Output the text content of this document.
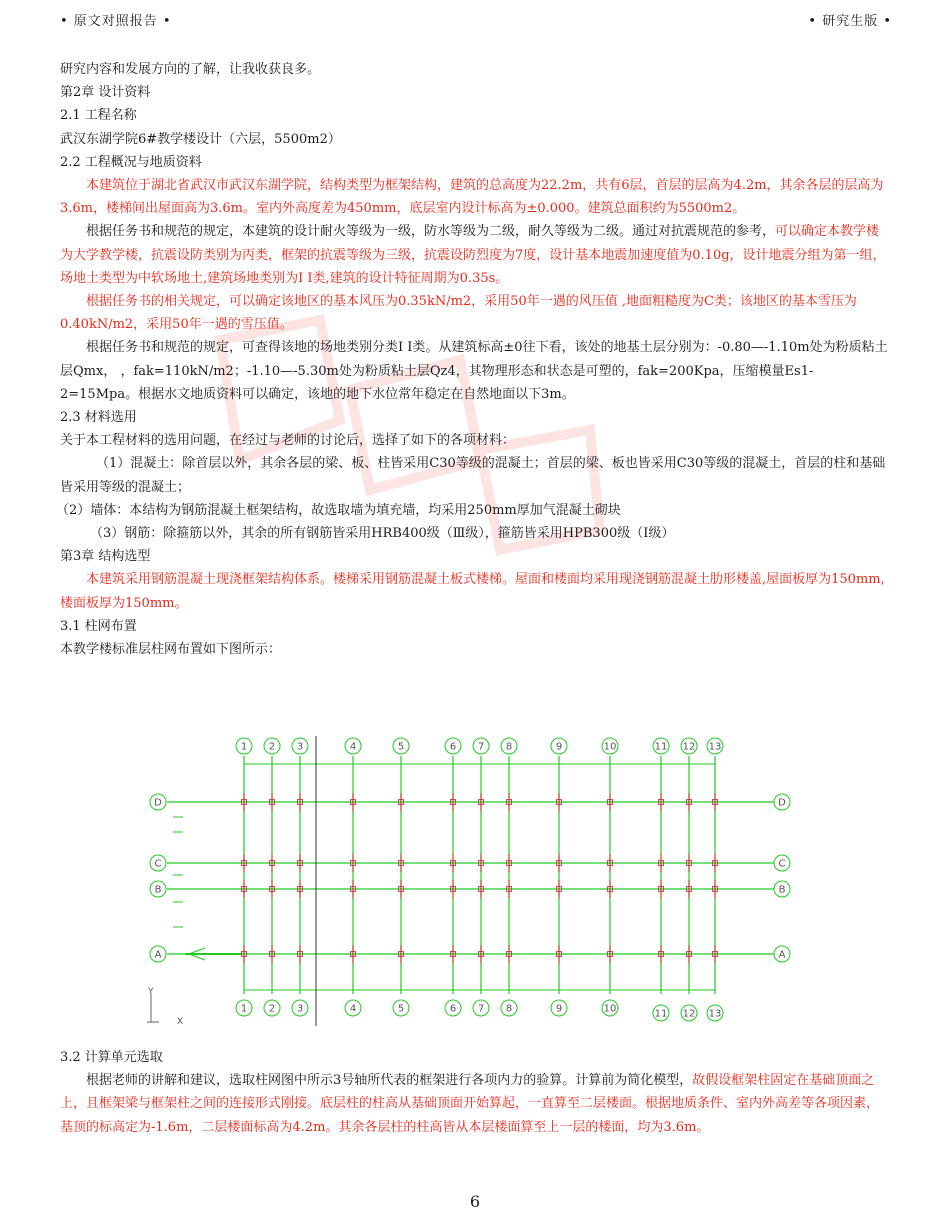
• 原文对照报告 •	• 研究生版 •
研究内容和发展方向的了解，让我收获良多。
第2章 设计资料
2.1 工程名称
武汉东湖学院6#教学楼设计（六层，5500m2）
2.2 工程概况与地质资料

本建筑位于湖北省武汉市武汉东湖学院，结构类型为框架结构，建筑的总高度为22.2m，共有6层，首层的层高为4.2m，其余各层的层高为3.6m，楼梯间出屋面高为3.6m。室内外高度差为450mm，底层室内设计标高为±0.000。建筑总面积约为5500m2。

根据任务书和规范的规定，本建筑的设计耐火等级为一级，防水等级为二级，耐久等级为二级。通过对抗震规范的参考，可以确定本教学楼为大学教学楼，抗震设防类别为丙类，框架的抗震等级为三级，抗震设防烈度为7度，设计基本地震加速度值为0.10g，设计地震分组为第一组，场地土类型为中软场地土,建筑场地类别为I I类,建筑的设计特征周期为0.35s。

根据任务书的相关规定，可以确定该地区的基本风压为0.35kN/m2，采用50年一遇的风压值 ,地面粗糙度为C类；该地区的基本雪压为0.40kN/m2，采用50年一遇的雪压值。

根据任务书和规范的规定，可查得该地的场地类别分类I I类。从建筑标高±0往下看，该处的地基土层分别为：-0.80—-1.10m处为粉质粘土层Qmx， ，fak=110kN/m2；-1.10—-5.30m处为粉质粘土层Qz4，其物理形态和状态是可塑的，fak=200Kpa，压缩模量Es1-2=15Mpa。根据水文地质资料可以确定，该地的地下水位常年稳定在自然地面以下3m。

2.3 材料选用
关于本工程材料的选用问题，在经过与老师的讨论后，选择了如下的各项材料：

（1）混凝土：除首层以外，其余各层的梁、板、柱皆采用C30等级的混凝土；首层的梁、板也皆采用C30等级的混凝土，首层的柱和基础皆采用等级的混凝土；

（2）墙体：本结构为钢筋混凝土框架结构，故选取墙为填充墙，均采用250mm厚加气混凝土砌块
（3）钢筋：除箍筋以外，其余的所有钢筋皆采用HRB400级（Ⅲ级），箍筋皆采用HPB300级（Ⅰ级）
第3章 结构选型

本建筑采用钢筋混凝土现浇框架结构体系。楼梯采用钢筋混凝土板式楼梯。屋面和楼面均采用现浇钢筋混凝土肋形楼盖,屋面板厚为150mm,楼面板厚为150mm。

3.1 柱网布置
本教学楼标准层柱网布置如下图所示：
1
1
2
2
3
3
4
4
5
5
6
6
7
7
8
8
9
9
10
10
11
11
12
12
13
13
D	D
C	C
B	B
A	A
Y
X
3.2 计算单元选取

根据老师的讲解和建议，选取柱网图中所示3号轴所代表的框架进行各项内力的验算。计算前为简化模型，故假设框架柱固定在基础顶面之上，且框架梁与框架柱之间的连接形式刚接。底层柱的柱高从基础顶面开始算起，一直算至二层楼面。根据地质条件、室内外高差等各项因素，基顶的标高定为-1.6m，二层楼面标高为4.2m。其余各层柱的柱高皆从本层楼面算至上一层的楼面，均为3.6m。

6
